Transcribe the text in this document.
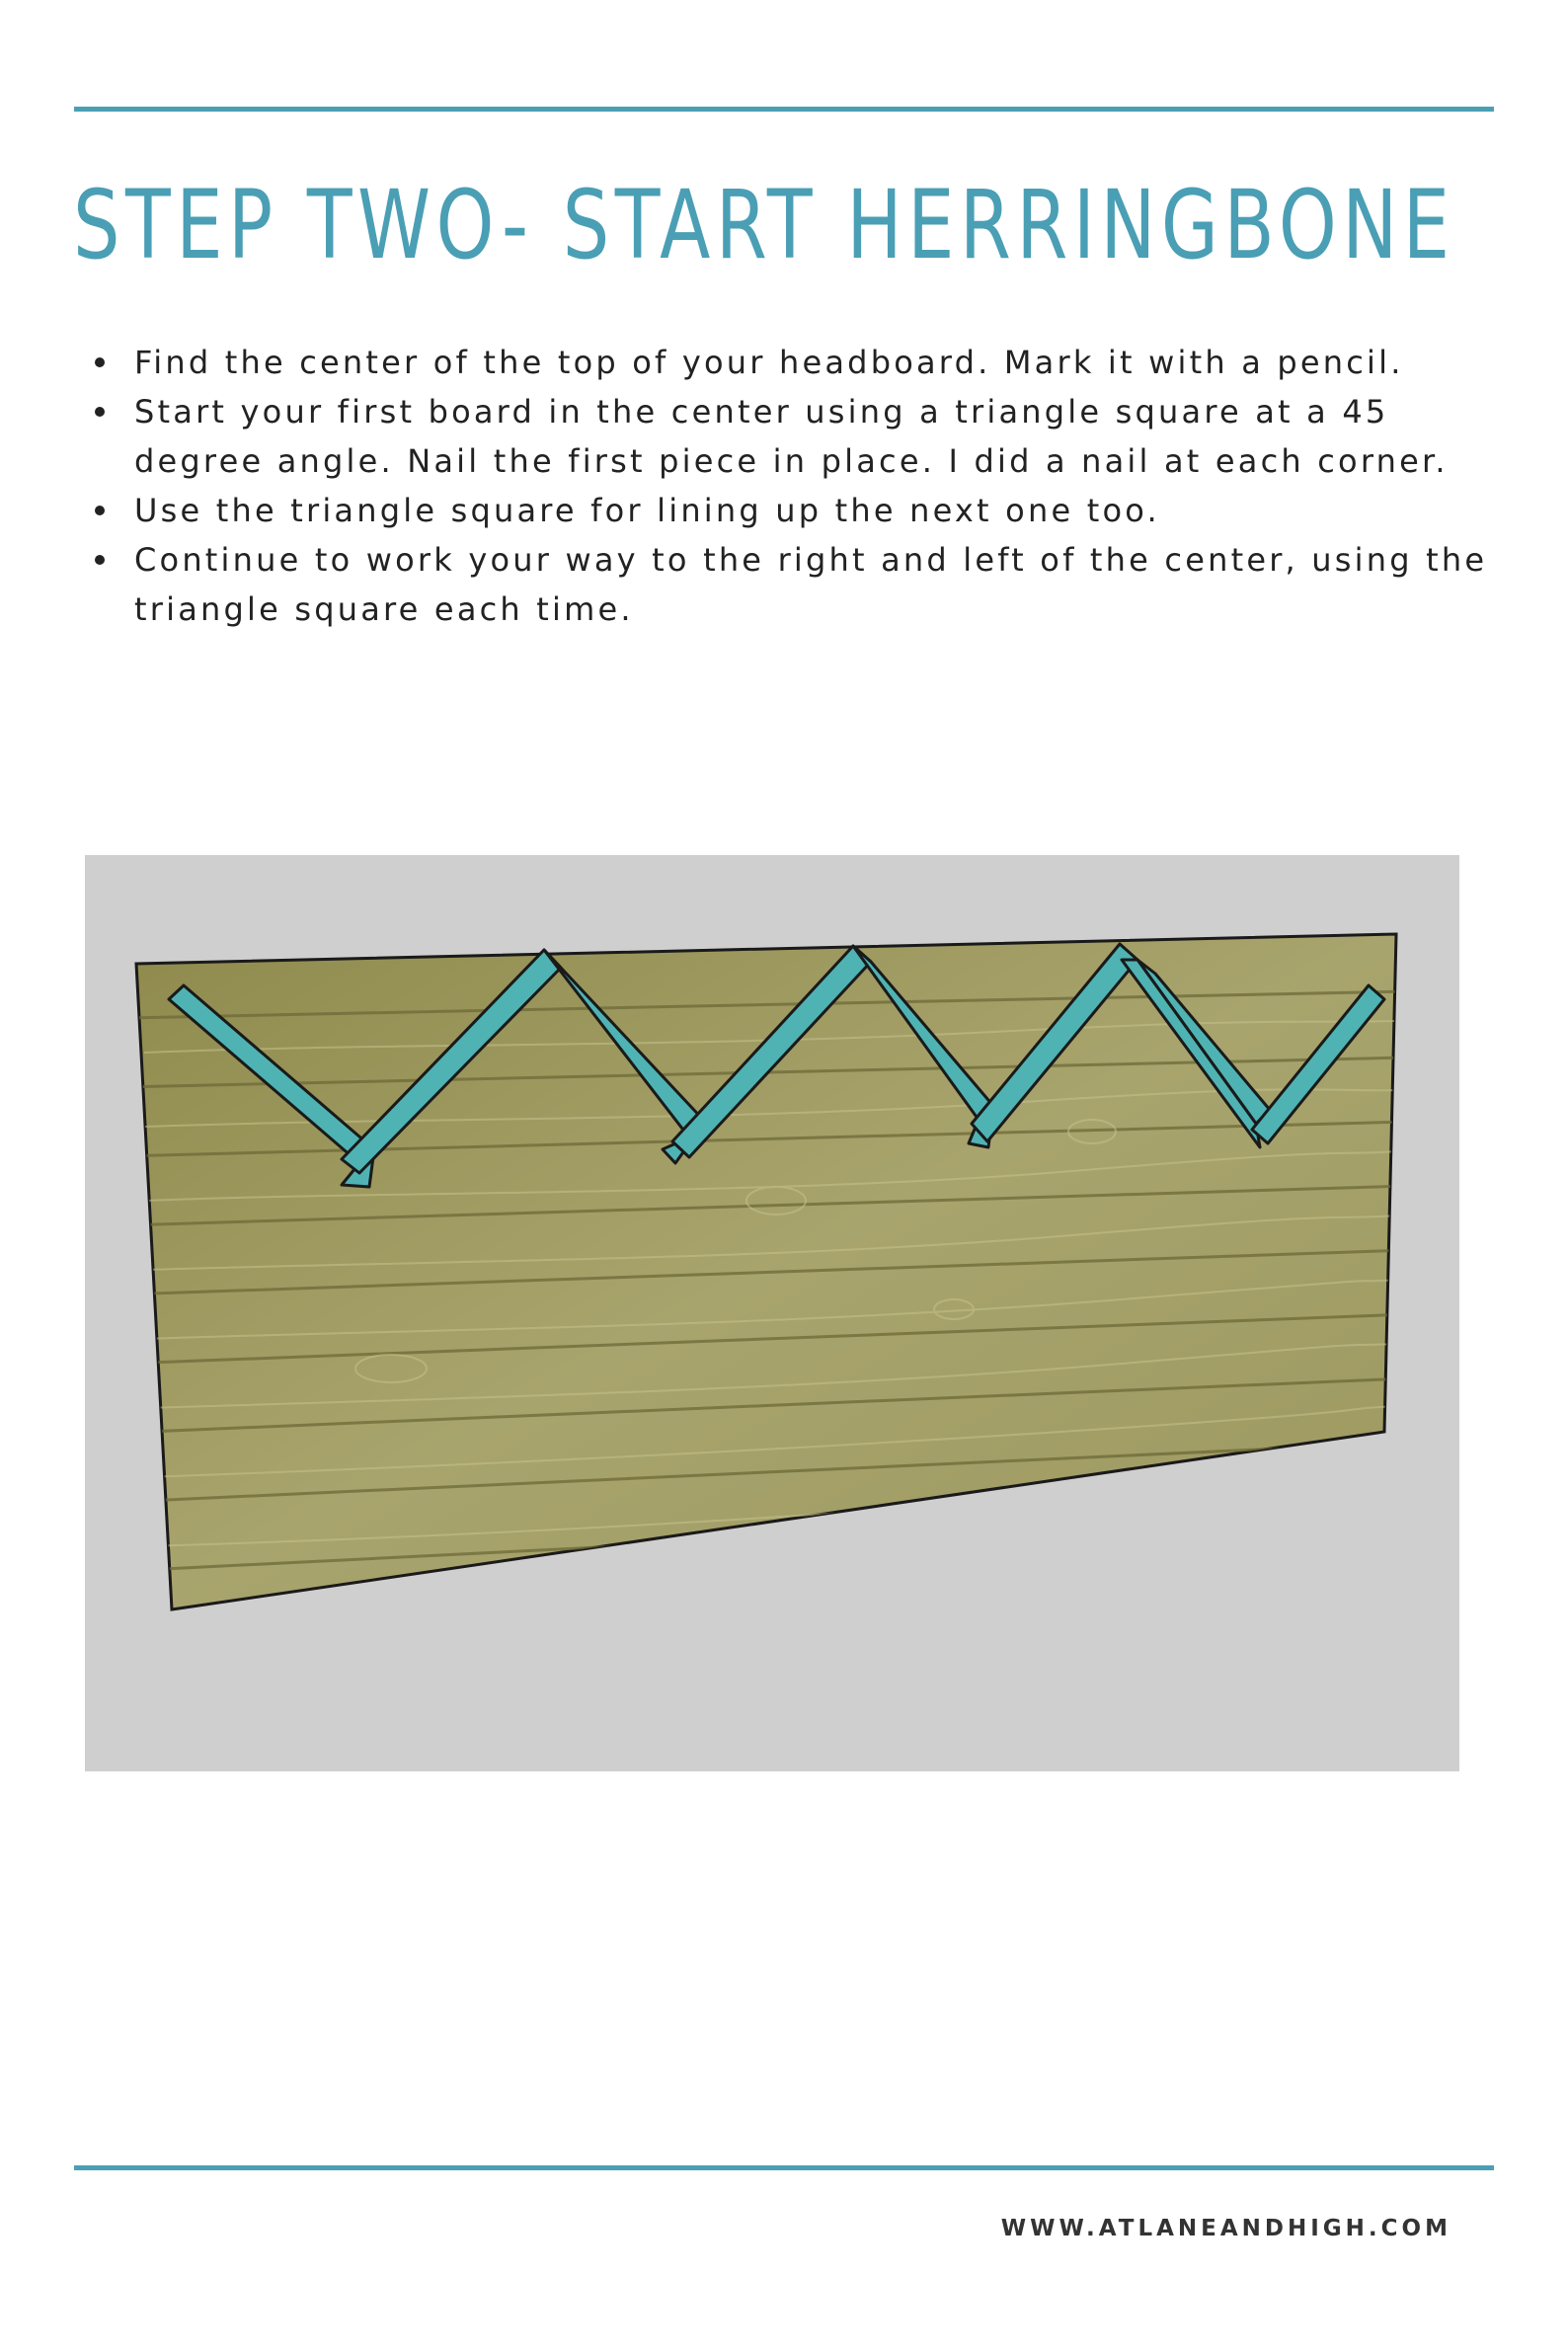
STEP TWO- START HERRINGBONE
Find the center of the top of your headboard. Mark it with a pencil.
Start your first board in the center using a triangle square at a 45 degree angle. Nail the first piece in place. I did a nail at each corner.
Use the triangle square for lining up the next one too.
Continue to work your way to the right and left of the center, using the triangle square each time.
WWW.ATLANEANDHIGH.COM
